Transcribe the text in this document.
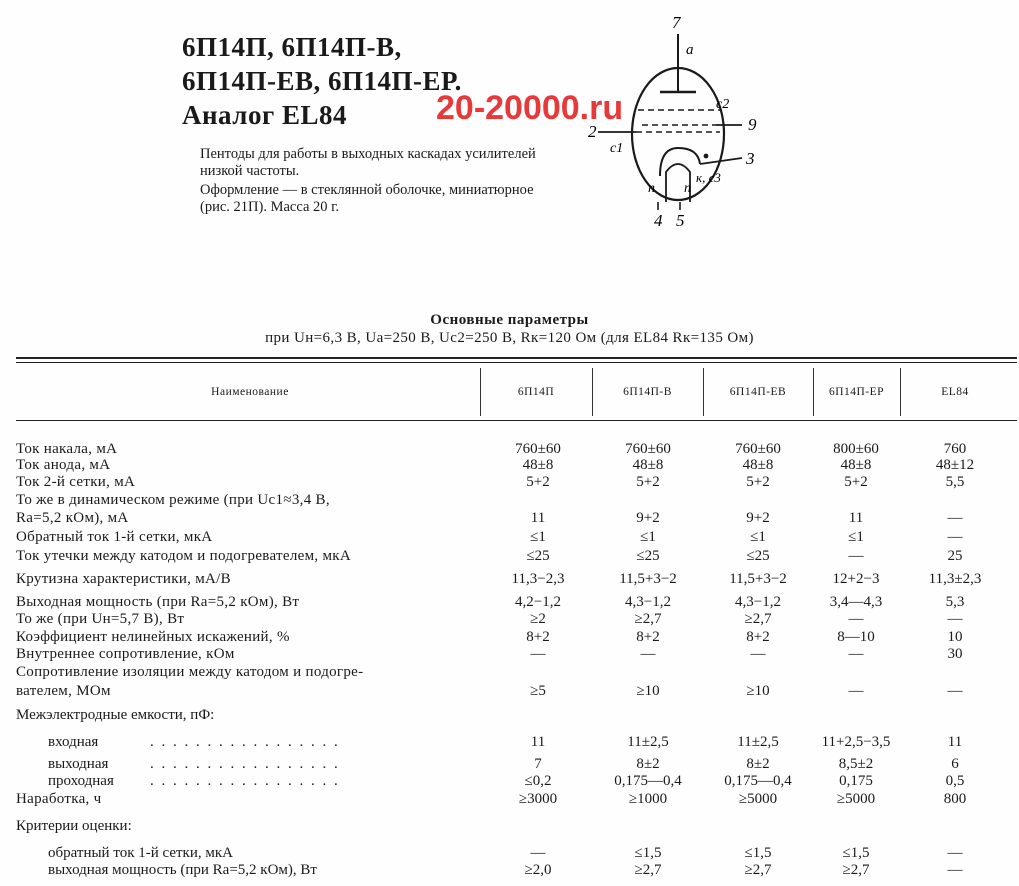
6П14П, 6П14П-В,
6П14П-ЕВ, 6П14П-ЕР.
Аналог EL84	20-20000.ru

Пентоды для работы в выходных каскадах усилителей низкой частоты.

Оформление — в стеклянной оболочке, миниатюрное (рис. 21П). Масса 20 г.

7
9
2
3
4 5
a
c2
c1
к, с3
п п
Основные параметры
при Uн=6,3 В, Uа=250 В, Uс2=250 В, Rк=120 Ом (для EL84 Rк=135 Ом)
Наименование	6П14П	6П14П-В	6П14П-ЕВ	6П14П-ЕР	EL84
Ток накала, мА	760±60	760±60	760±60	800±60	760
Ток анода, мА	48±8	48±8	48±8	48±8	48±12
Ток 2-й сетки, мА	5+2	5+2	5+2	5+2	5,5
То же в динамическом режиме (при Uс1≈3,4 В,
Rа=5,2 кОм), мА	11	9+2	9+2	11	—
Обратный ток 1-й сетки, мкА	≤1	≤1	≤1	≤1	—
Ток утечки между катодом и подогревателем, мкА	≤25	≤25	≤25	—	25
Крутизна характеристики, мА/В	11,3−2,3	11,5+3−2	11,5+3−2	12+2−3	11,3±2,3
Выходная мощность (при Rа=5,2 кОм), Вт	4,2−1,2	4,3−1,2	4,3−1,2	3,4—4,3	5,3
То же (при Uн=5,7 В), Вт	≥2	≥2,7	≥2,7	—	—
Коэффициент нелинейных искажений, %	8+2	8+2	8+2	8—10	10
Внутреннее сопротивление, кОм	—	—	—	—	30
Сопротивление изоляции между катодом и подогре-
вателем, МОм	≥5	≥10	≥10	—	—
Межэлектродные емкости, пФ:
входная	. . . . . . . . . . . . . . . . .	11	11±2,5	11±2,5	11+2,5−3,5	11
выходная	. . . . . . . . . . . . . . . . .	7	8±2	8±2	8,5±2	6
проходная . . . . . . . . . . . . . . . . .	≤0,2	0,175—0,4	0,175—0,4	0,175	0,5
Наработка, ч	≥3000	≥1000	≥5000	≥5000	800
Критерии оценки:
обратный ток 1-й сетки, мкА	—	≤1,5	≤1,5	≤1,5	—
выходная мощность (при Rа=5,2 кОм), Вт	≥2,0	≥2,7	≥2,7	≥2,7	—
